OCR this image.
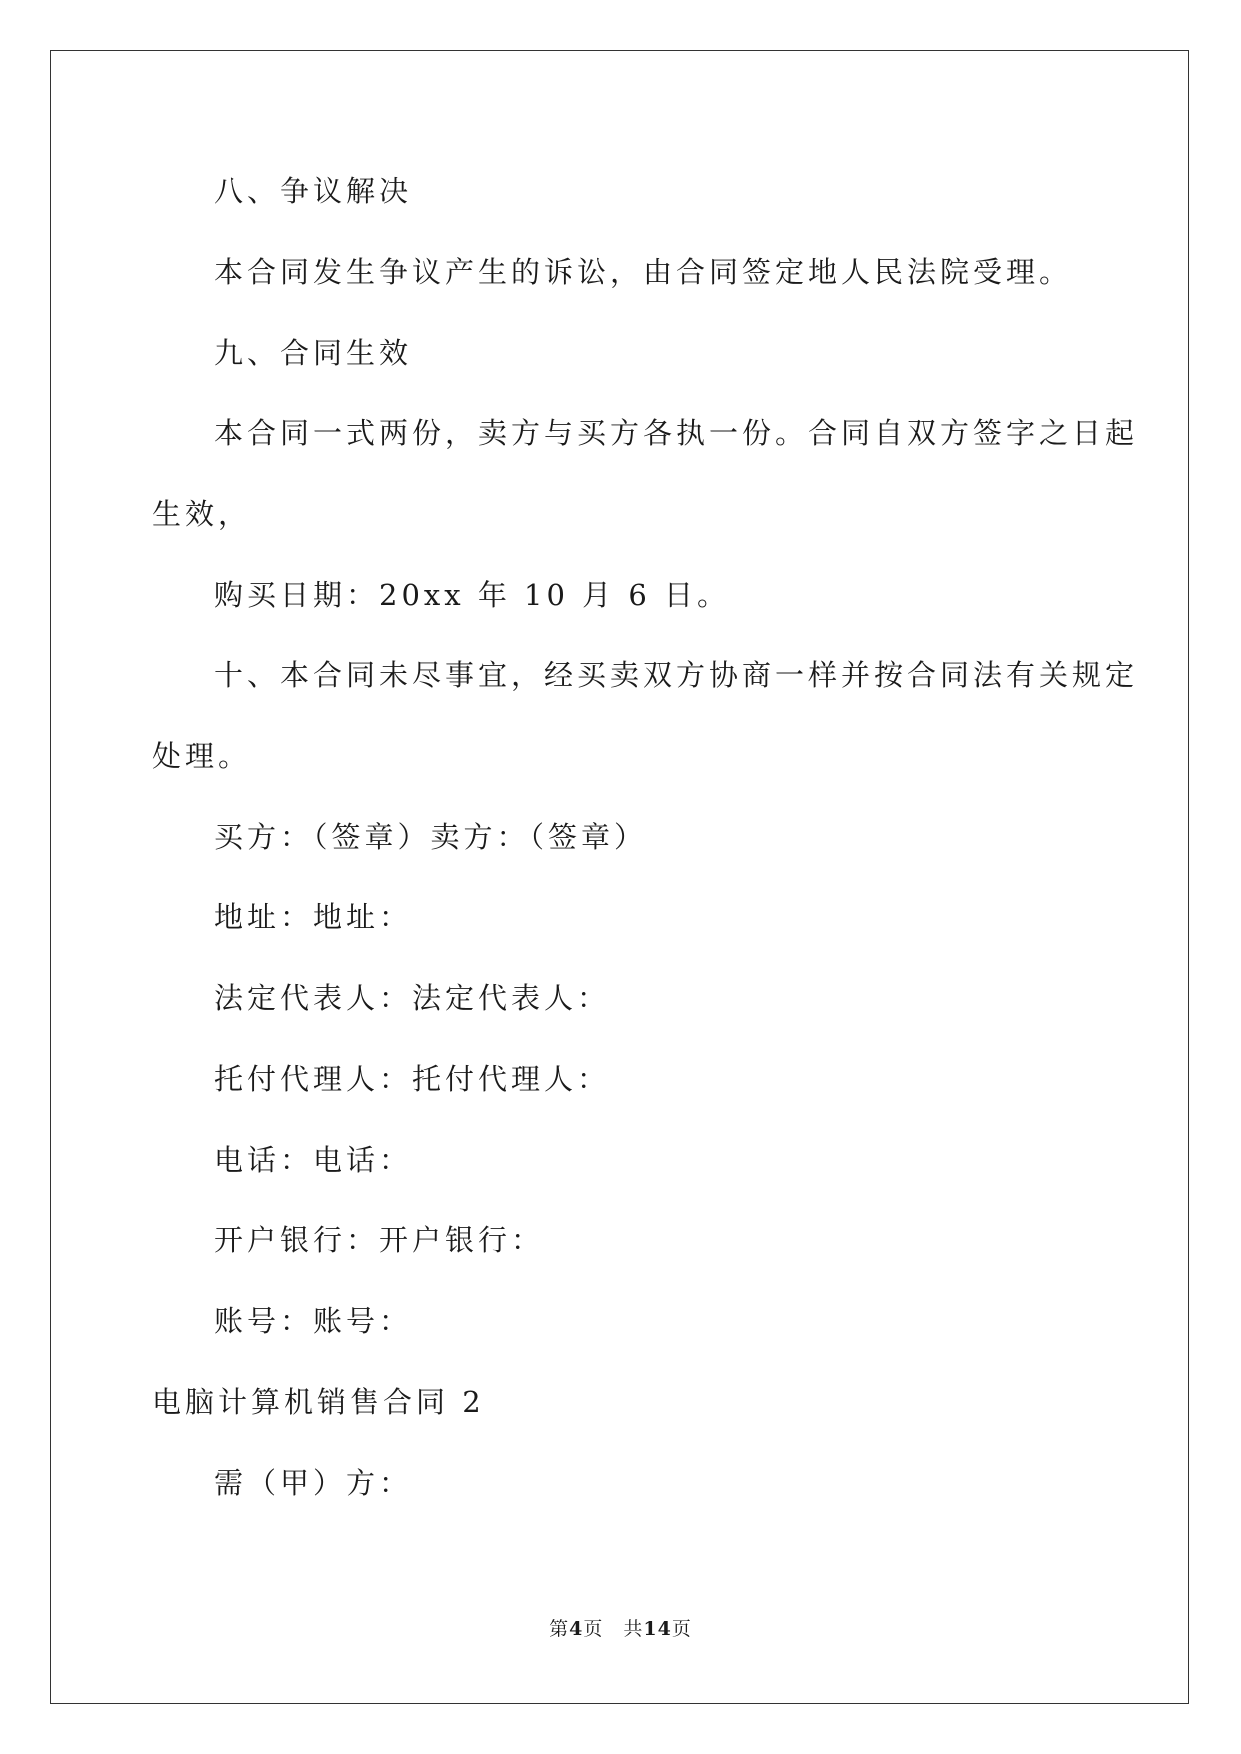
八、争议解决
本合同发生争议产生的诉讼，由合同签定地人民法院受理。
九、合同生效
本合同一式两份，卖方与买方各执一份。合同自双方签字之日起
生效，
购买日期：20xx 年 10 月 6 日。
十、本合同未尽事宜，经买卖双方协商一样并按合同法有关规定
处理。
买方：（签章）卖方：（签章）
地址：地址：
法定代表人：法定代表人：
托付代理人：托付代理人：
电话：电话：
开户银行：开户银行：
账号：账号：
电脑计算机销售合同 2
需（甲）方：
第4页 共14页
